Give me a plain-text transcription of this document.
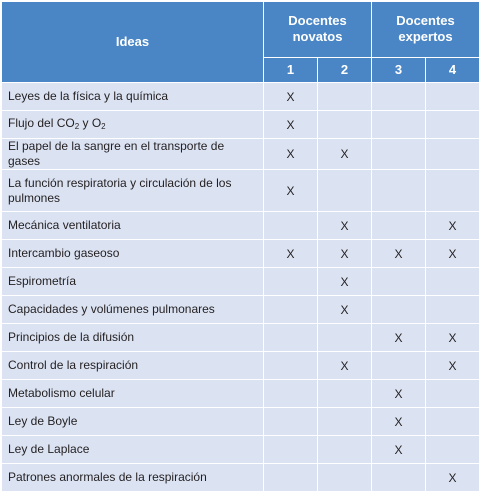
Ideas	Docentes novatos		Docentes expertos	
	1	2	3	4
Leyes de la física y la química	X			
Flujo del $CO_2$ y $O_2$	X			
El papel de la sangre en el transporte de gases	X	X		
La función respiratoria y circulación de los pulmones	X			
Mecánica ventilatoria		X		X
Intercambio gaseoso	X	X	X	X
Espirometría		X		
Capacidades y volúmenes pulmonares		X		
Principios de la difusión			X	X
Control de la respiración		X		X
Metabolismo celular			X	
Ley de Boyle			X	
Ley de Laplace			X	
Patrones anormales de la respiración				X
